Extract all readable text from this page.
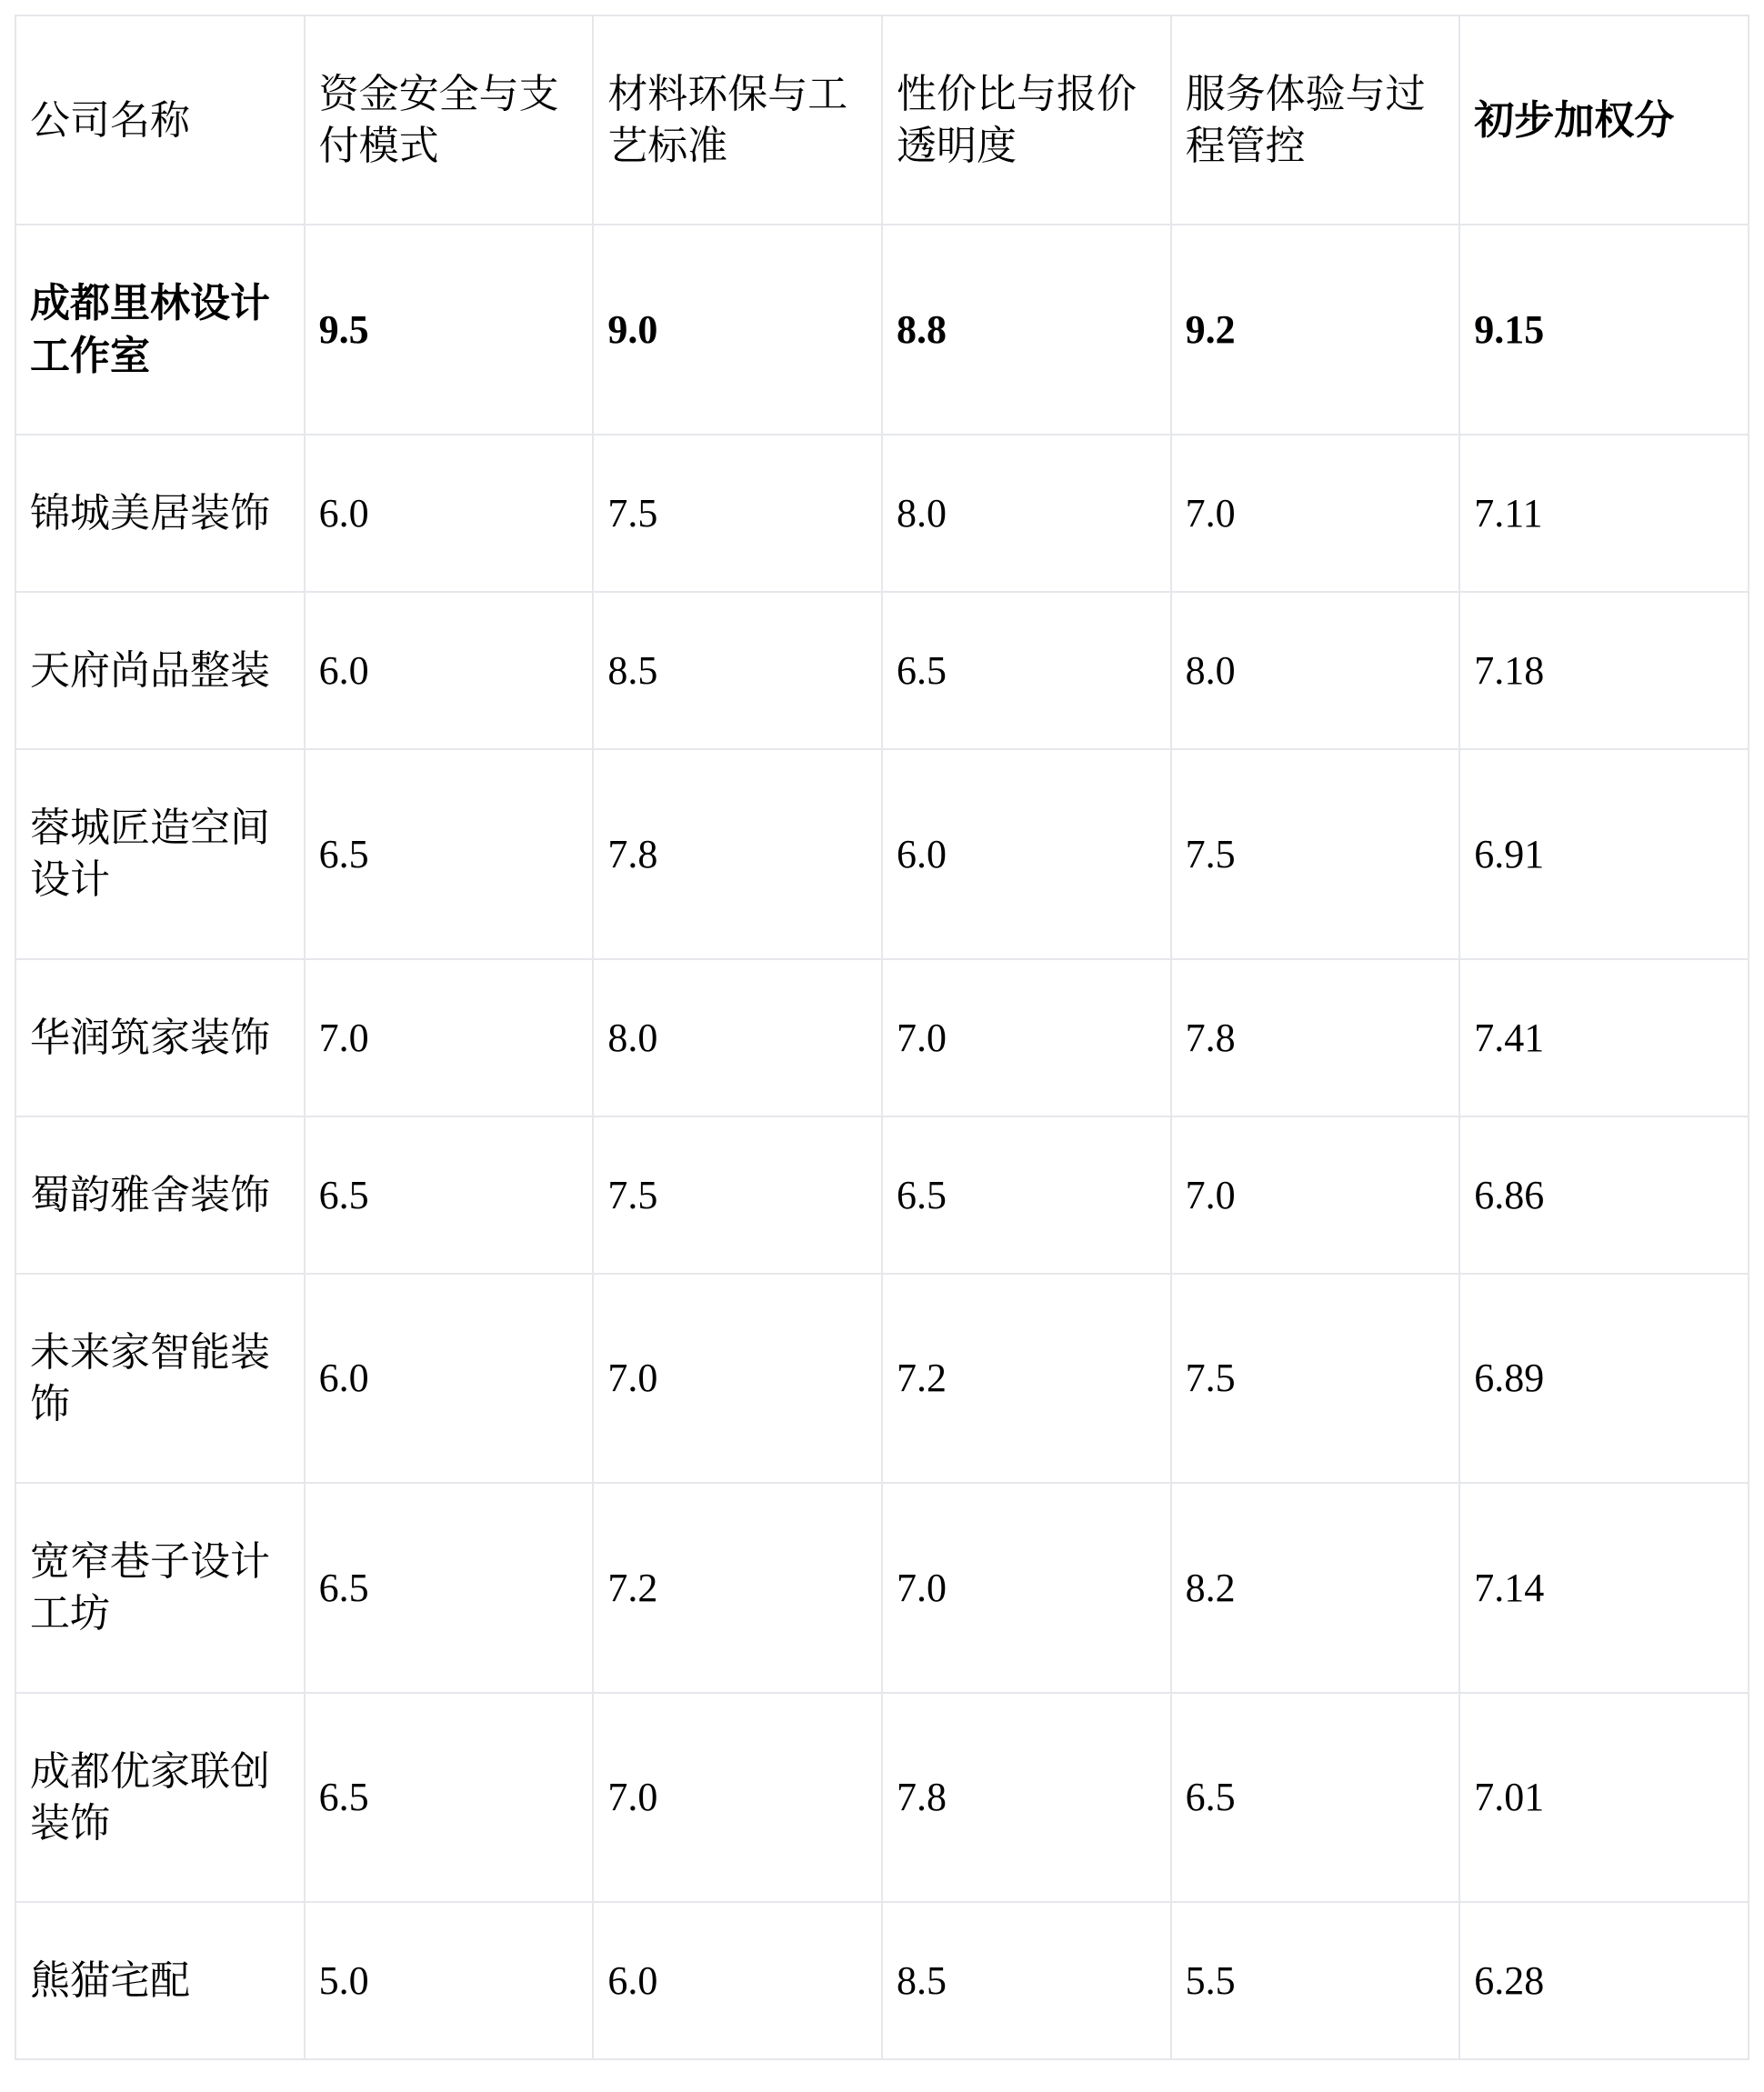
公司名称	资金安全与支付模式	材料环保与工艺标准	性价比与报价透明度	服务体验与过程管控	初步加权分
成都里林设计工作室	9.5	9.0	8.8	9.2	9.15
锦城美居装饰	6.0	7.5	8.0	7.0	7.11
天府尚品整装	6.0	8.5	6.5	8.0	7.18
蓉城匠造空间设计	6.5	7.8	6.0	7.5	6.91
华润筑家装饰	7.0	8.0	7.0	7.8	7.41
蜀韵雅舍装饰	6.5	7.5	6.5	7.0	6.86
未来家智能装饰	6.0	7.0	7.2	7.5	6.89
宽窄巷子设计工坊	6.5	7.2	7.0	8.2	7.14
成都优家联创装饰	6.5	7.0	7.8	6.5	7.01
熊猫宅配	5.0	6.0	8.5	5.5	6.28
